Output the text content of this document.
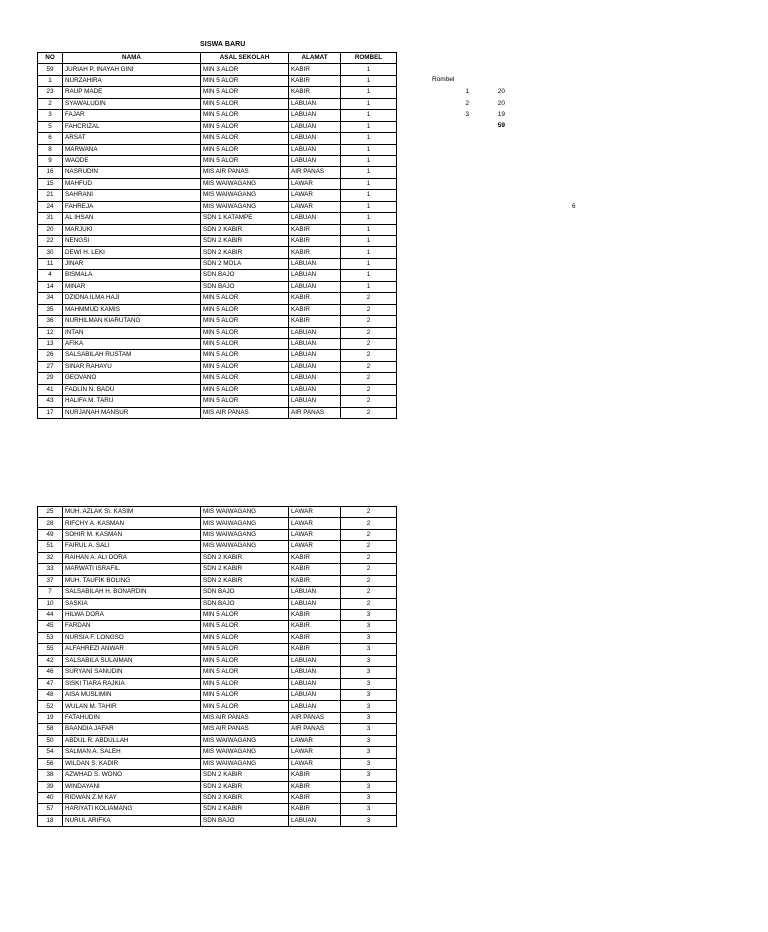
SISWA BARU
NO	NAMA	ASAL SEKOLAH	ALAMAT	ROMBEL
59	JURIAH P. INAYAH GINI	MIN 3 ALOR	KABIR	1
1	NURZAHIRA	MIN 5 ALOR	KABIR	1
23	RAUP MADE	MIN 5 ALOR	KABIR	1
2	SYAWALUDIN	MIN 5 ALOR	LABUAN	1
3	FAJAR	MIN 5 ALOR	LABUAN	1
5	FAHCRIZAL	MIN 5 ALOR	LABUAN	1
6	ARSAT	MIN 5 ALOR	LABUAN	1
8	MARWANA	MIN 5 ALOR	LABUAN	1
9	WAODE	MIN 5 ALOR	LABUAN	1
16	NASRUDIN	MIS AIR PANAS	AIR PANAS	1
15	MAHFUD	MIS WAIWAGANG	LAWAR	1
21	SAHRANI	MIS WAIWAGANG	LAWAR	1
24	FAHREJA	MIS WAIWAGANG	LAWAR	1
31	AL IHSAN	SDN 1 KATAMPE	LABUAN	1
20	MARJUKI	SDN 2 KABIR	KABIR	1
22	NENGSI	SDN 2 KABIR	KABIR	1
30	DEWI H. LEKI	SDN 2 KABIR	KABIR	1
11	JINAR	SDN 2 MOLA	LABUAN	1
4	BISMALA	SDN BAJO	LABUAN	1
14	MINAR	SDN BAJO	LABUAN	1
34	DZIDNA ILMA HAJI	MIN 5 ALOR	KABIR	2
35	MAHMMUD KAMIS	MIN 5 ALOR	KABIR	2
36	NURHILMAN KIARUTANG	MIN 5 ALOR	KABIR	2
12	INTAN	MIN 5 ALOR	LABUAN	2
13	AFIKA	MIN 5 ALOR	LABUAN	2
26	SALSABILAH RUSTAM	MIN 5 ALOR	LABUAN	2
27	SINAR RAHAYU	MIN 5 ALOR	LABUAN	2
29	GEOVANO	MIN 5 ALOR	LABUAN	2
41	FADLIN N. BADU	MIN 5 ALOR	LABUAN	2
43	HALIFA M. TARU	MIN 5 ALOR	LABUAN	2
17	NURJANAH MANSUR	MIS AIR PANAS	AIR PANAS	2
25	MUH. AZLAK S\. KASIM	MIS WAIWAGANG	LAWAR	2
28	RIFCHY A. KASMAN	MIS WAIWAGANG	LAWAR	2
49	SOHIR M. KASMAN	MIS WAIWAGANG	LAWAR	2
51	FAIRUL A. SALI	MIS WAIWAGANG	LAWAR	2
32	RAIHAN A. ALI DORA	SDN 2 KABIR	KABIR	2
33	MARWATI ISRAFIL	SDN 2 KABIR	KABIR	2
37	MUH. TAUFIK BOLING	SDN 2 KABIR	KABIR	2
7	SALSABILAH H. BONARDIN	SDN BAJO	LABUAN	2
10	SASKIA	SDN BAJO	LABUAN	2
44	HILWA DORA	MIN 5 ALOR	KABIR	3
45	FARDAN	MIN 5 ALOR	KABIR	3
53	NURSIA F. LONGSO	MIN 5 ALOR	KABIR	3
55	ALFAHREZI ANWAR	MIN 5 ALOR	KABIR	3
42	SALSABILA SULAIMAN	MIN 5 ALOR	LABUAN	3
46	SURYANI SANUDIN	MIN 5 ALOR	LABUAN	3
47	SISKI TIARA RAJKIA	MIN 5 ALOR	LABUAN	3
48	AISA MUSLIMIN	MIN 5 ALOR	LABUAN	3
52	WULAN M. TAHIR	MIN 5 ALOR	LABUAN	3
19	FATAHUDIN	MIS AIR PANAS	AIR PANAS	3
58	BAANDIA JAFAR	MIS AIR PANAS	AIR PANAS	3
50	ABDUL R. ABDULLAH	MIS WAIWAGANG	LAWAR	3
54	SALMAN A. SALEH	MIS WAIWAGANG	LAWAR	3
56	WILDAN S. KADIR	MIS WAIWAGANG	LAWAR	3
38	AZWHAD S. WONO	SDN 2 KABIR	KABIR	3
39	WINDAYANI	SDN 2 KABIR	KABIR	3
40	RIDWAN Z.M KAY	SDN 2 KABIR	KABIR	3
57	HARIYATI KOLIAMANG	SDN 2 KABIR	KABIR	3
18	NURUL ARIFKA	SDN BAJO	LABUAN	3
Rombel
1	20
2	20
3	19
59
6
